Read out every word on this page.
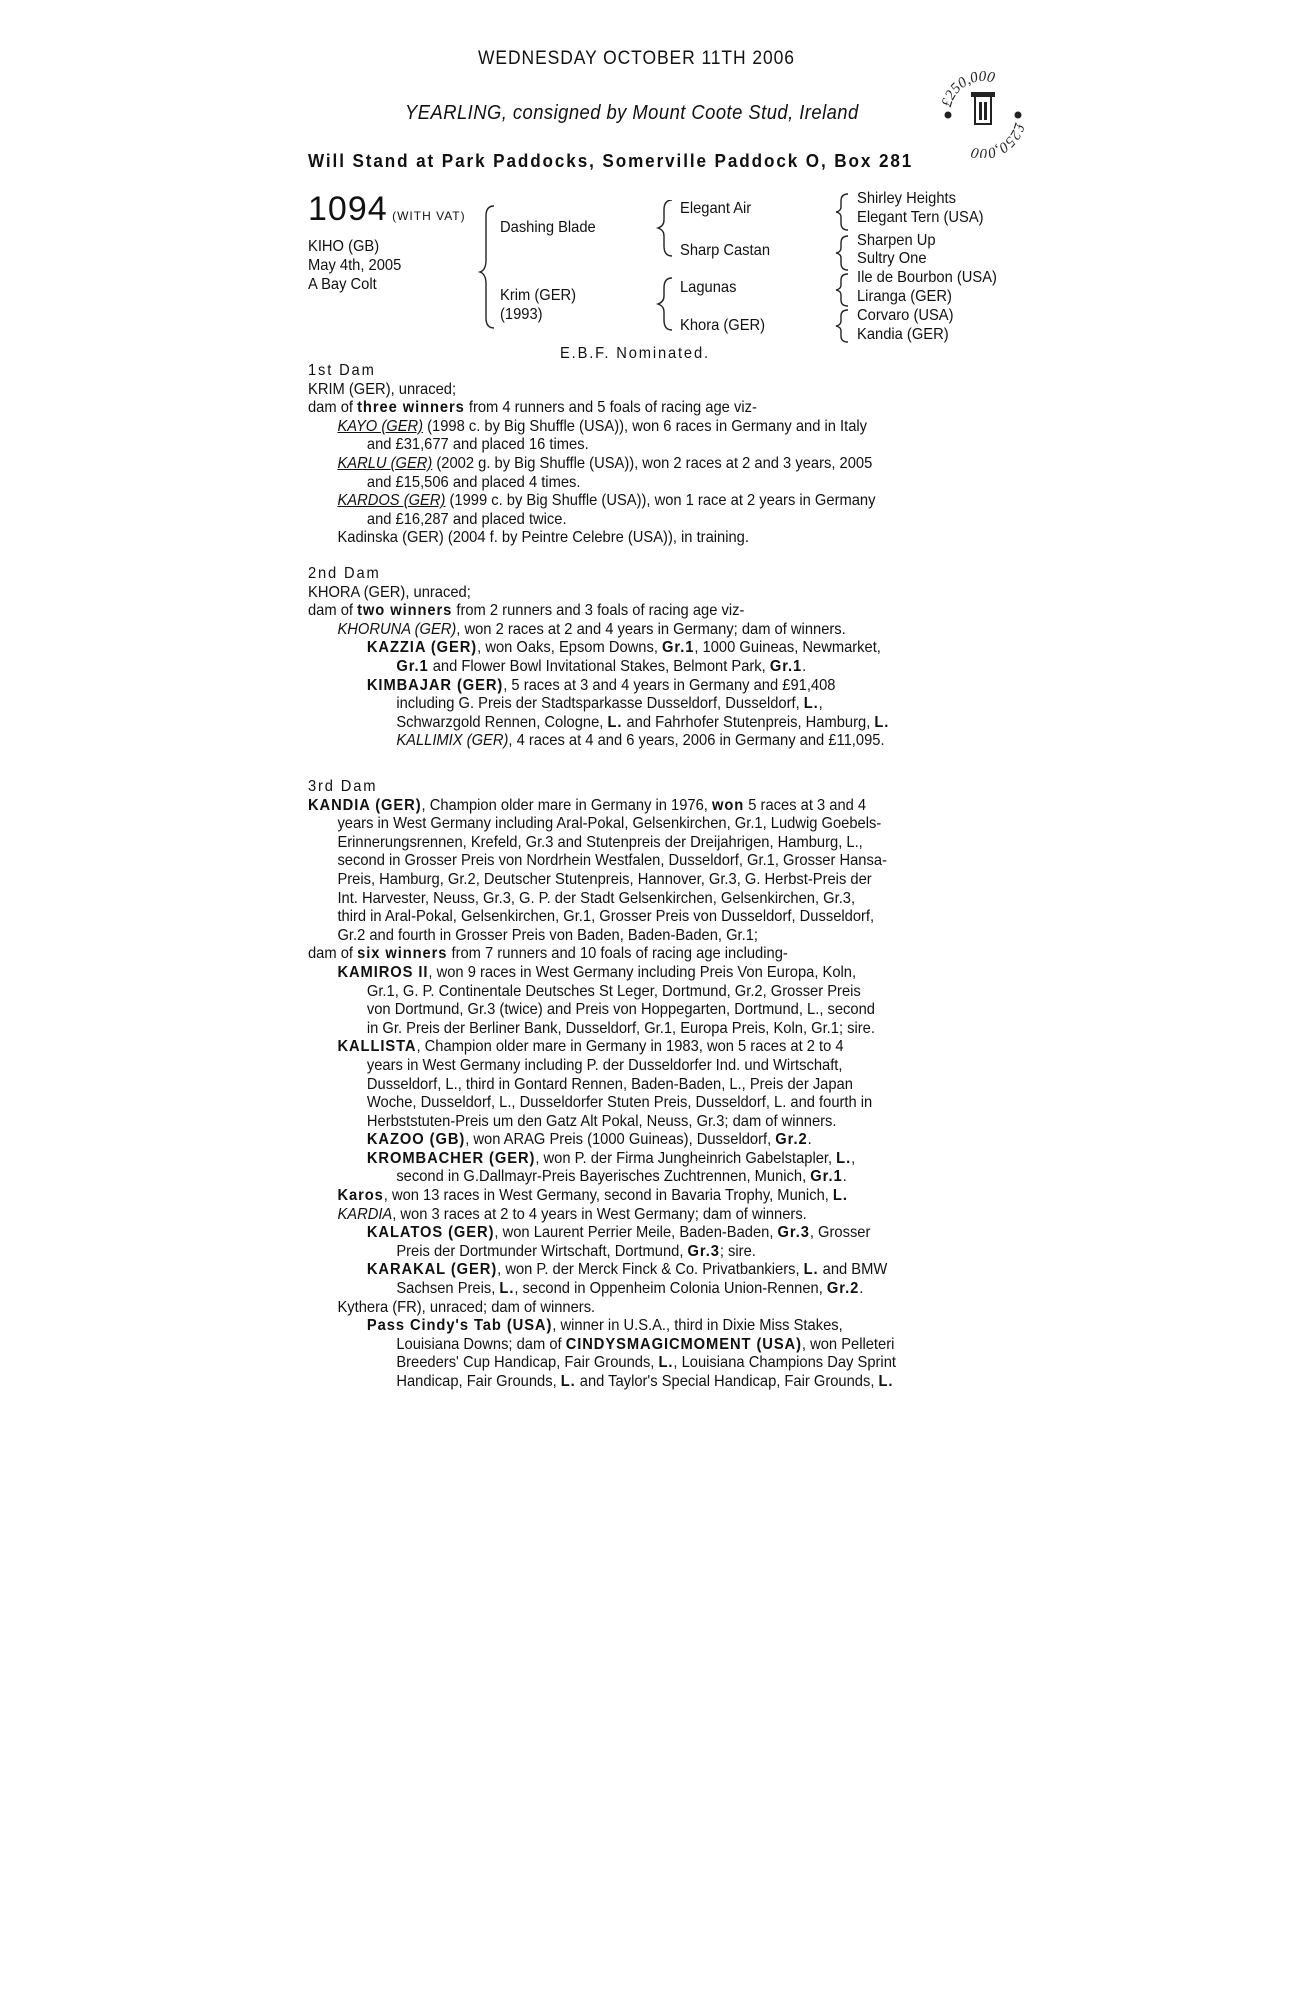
WEDNESDAY OCTOBER 11TH 2006
YEARLING, consigned by Mount Coote Stud, Ireland
Will Stand at Park Paddocks, Somerville Paddock O, Box 281
£250,000
£250,000
1094 (WITH VAT)
KIHO (GB)
May 4th, 2005
A Bay Colt
Dashing Blade
Krim (GER)
(1993)
Elegant Air
Sharp Castan
Lagunas
Khora (GER)
Shirley Heights
Elegant Tern (USA)
Sharpen Up
Sultry One
Ile de Bourbon (USA)
Liranga (GER)
Corvaro (USA)
Kandia (GER)
E.B.F. Nominated.
1st Dam
KRIM (GER), unraced;
dam of three winners from 4 runners and 5 foals of racing age viz-
KAYO (GER) (1998 c. by Big Shuffle (USA)), won 6 races in Germany and in Italy
and £31,677 and placed 16 times.
KARLU (GER) (2002 g. by Big Shuffle (USA)), won 2 races at 2 and 3 years, 2005
and £15,506 and placed 4 times.
KARDOS (GER) (1999 c. by Big Shuffle (USA)), won 1 race at 2 years in Germany
and £16,287 and placed twice.
Kadinska (GER) (2004 f. by Peintre Celebre (USA)), in training.
2nd Dam
KHORA (GER), unraced;
dam of two winners from 2 runners and 3 foals of racing age viz-
KHORUNA (GER), won 2 races at 2 and 4 years in Germany; dam of winners.
KAZZIA (GER), won Oaks, Epsom Downs, Gr.1, 1000 Guineas, Newmarket,
Gr.1 and Flower Bowl Invitational Stakes, Belmont Park, Gr.1.
KIMBAJAR (GER), 5 races at 3 and 4 years in Germany and £91,408
including G. Preis der Stadtsparkasse Dusseldorf, Dusseldorf, L.,
Schwarzgold Rennen, Cologne, L. and Fahrhofer Stutenpreis, Hamburg, L.
KALLIMIX (GER), 4 races at 4 and 6 years, 2006 in Germany and £11,095.
3rd Dam
KANDIA (GER), Champion older mare in Germany in 1976, won 5 races at 3 and 4
years in West Germany including Aral-Pokal, Gelsenkirchen, Gr.1, Ludwig Goebels-
Erinnerungsrennen, Krefeld, Gr.3 and Stutenpreis der Dreijahrigen, Hamburg, L.,
second in Grosser Preis von Nordrhein Westfalen, Dusseldorf, Gr.1, Grosser Hansa-
Preis, Hamburg, Gr.2, Deutscher Stutenpreis, Hannover, Gr.3, G. Herbst-Preis der
Int. Harvester, Neuss, Gr.3, G. P. der Stadt Gelsenkirchen, Gelsenkirchen, Gr.3,
third in Aral-Pokal, Gelsenkirchen, Gr.1, Grosser Preis von Dusseldorf, Dusseldorf,
Gr.2 and fourth in Grosser Preis von Baden, Baden-Baden, Gr.1;
dam of six winners from 7 runners and 10 foals of racing age including-
KAMIROS II, won 9 races in West Germany including Preis Von Europa, Koln,
Gr.1, G. P. Continentale Deutsches St Leger, Dortmund, Gr.2, Grosser Preis
von Dortmund, Gr.3 (twice) and Preis von Hoppegarten, Dortmund, L., second
in Gr. Preis der Berliner Bank, Dusseldorf, Gr.1, Europa Preis, Koln, Gr.1; sire.
KALLISTA, Champion older mare in Germany in 1983, won 5 races at 2 to 4
years in West Germany including P. der Dusseldorfer Ind. und Wirtschaft,
Dusseldorf, L., third in Gontard Rennen, Baden-Baden, L., Preis der Japan
Woche, Dusseldorf, L., Dusseldorfer Stuten Preis, Dusseldorf, L. and fourth in
Herbststuten-Preis um den Gatz Alt Pokal, Neuss, Gr.3; dam of winners.
KAZOO (GB), won ARAG Preis (1000 Guineas), Dusseldorf, Gr.2.
KROMBACHER (GER), won P. der Firma Jungheinrich Gabelstapler, L.,
second in G.Dallmayr-Preis Bayerisches Zuchtrennen, Munich, Gr.1.
Karos, won 13 races in West Germany, second in Bavaria Trophy, Munich, L.
KARDIA, won 3 races at 2 to 4 years in West Germany; dam of winners.
KALATOS (GER), won Laurent Perrier Meile, Baden-Baden, Gr.3, Grosser
Preis der Dortmunder Wirtschaft, Dortmund, Gr.3; sire.
KARAKAL (GER), won P. der Merck Finck & Co. Privatbankiers, L. and BMW
Sachsen Preis, L., second in Oppenheim Colonia Union-Rennen, Gr.2.
Kythera (FR), unraced; dam of winners.
Pass Cindy's Tab (USA), winner in U.S.A., third in Dixie Miss Stakes,
Louisiana Downs; dam of CINDYSMAGICMOMENT (USA), won Pelleteri
Breeders' Cup Handicap, Fair Grounds, L., Louisiana Champions Day Sprint
Handicap, Fair Grounds, L. and Taylor's Special Handicap, Fair Grounds, L.
